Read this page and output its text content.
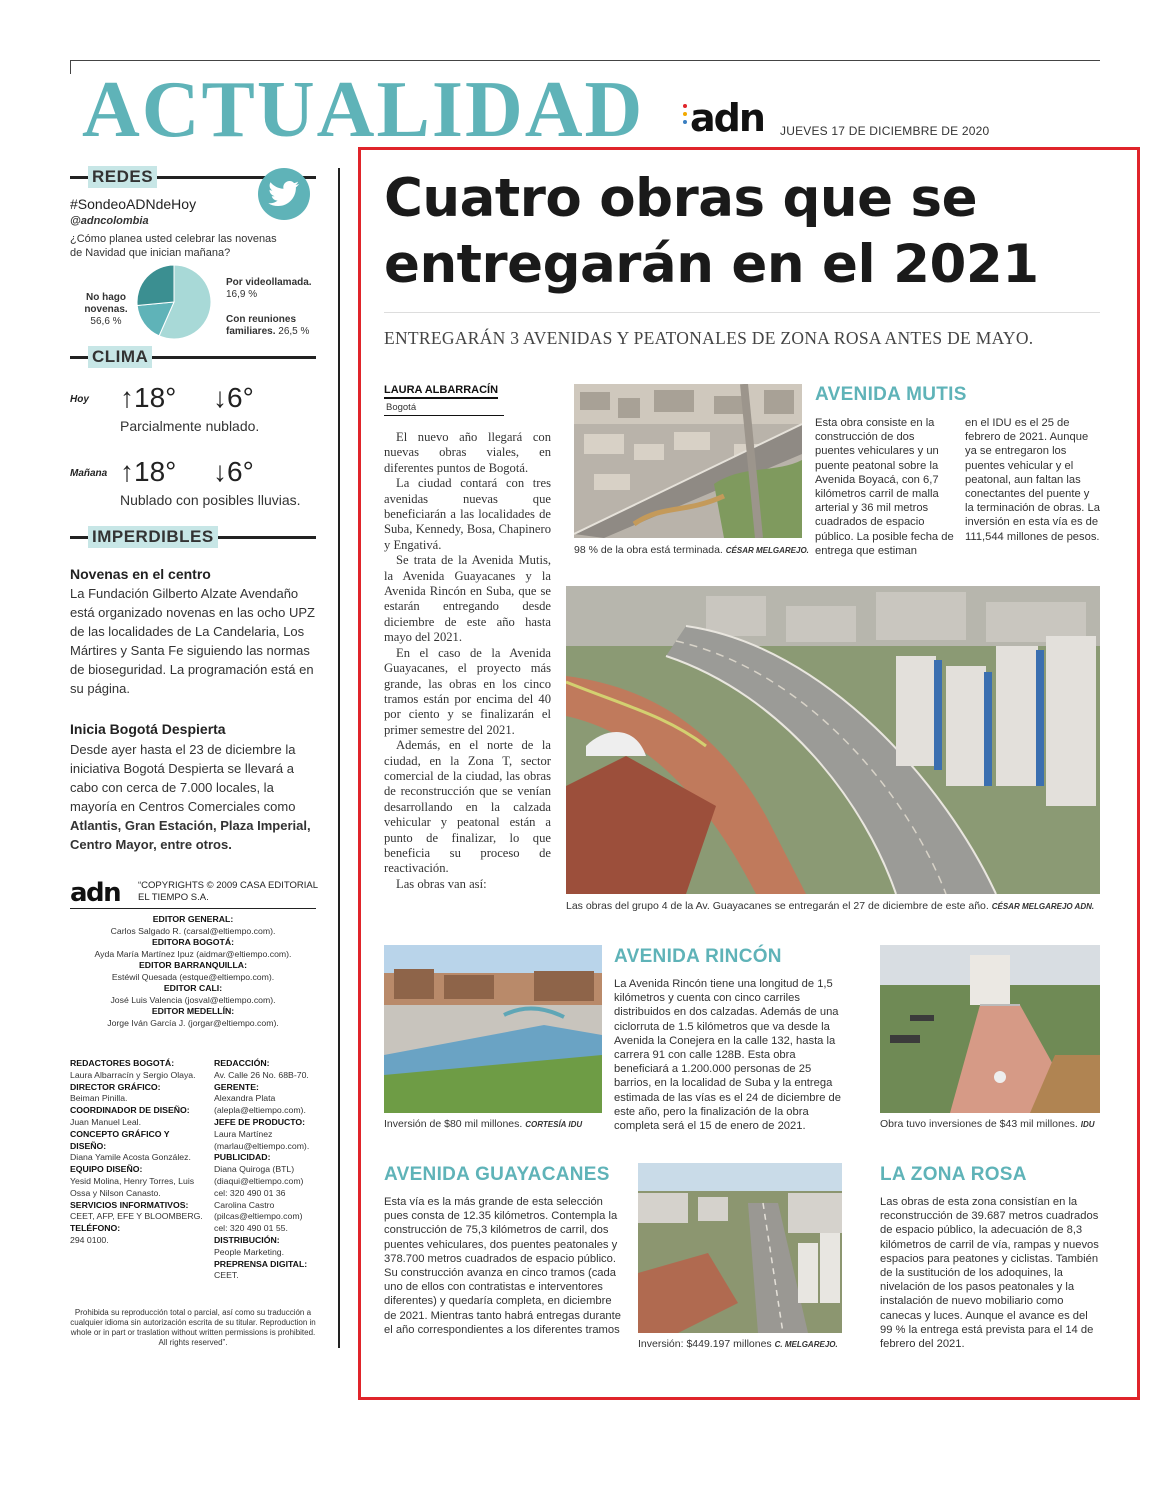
ACTUALIDAD adn JUEVES 17 DE DICIEMBRE DE 2020
REDES
#SondeoADNdeHoy
@adncolombia
¿Cómo planea usted celebrar las novenas de Navidad que inician mañana?
No hago novenas.
56,6 %
Por videollamada.
16,9 %
Con reuniones familiares. 26,5 %
CLIMA
Hoy ↑18° ↓6°
Parcialmente nublado.
Mañana ↑18° ↓6°
Nublado con posibles lluvias.
IMPERDIBLES
Novenas en el centro
La Fundación Gilberto Alzate Avendaño está organizado novenas en las ocho UPZ de las localidades de La Candelaria, Los Mártires y Santa Fe siguiendo las normas de bioseguridad. La programación está en su página.
Inicia Bogotá Despierta
Desde ayer hasta el 23 de diciembre la iniciativa Bogotá Despierta se llevará a cabo con cerca de 7.000 locales, la mayoría en Centros Comerciales como Atlantis, Gran Estación, Plaza Imperial, Centro Mayor, entre otros.
adn “COPYRIGHTS © 2009 CASA EDITORIAL EL TIEMPO S.A.
EDITOR GENERAL:
Carlos Salgado R. (carsal@eltiempo.com).
EDITORA BOGOTÁ:
Ayda María Martínez Ipuz (aidmar@eltiempo.com).
EDITOR BARRANQUILLA:
Estéwil Quesada (estque@eltiempo.com).
EDITOR CALI:
José Luis Valencia (josval@eltiempo.com).
EDITOR MEDELLÍN:
Jorge Iván García J. (jorgar@eltiempo.com).
REDACTORES BOGOTÁ:
Laura Albarracín y Sergio Olaya.
DIRECTOR GRÁFICO:
Beiman Pinilla.
COORDINADOR DE DISEÑO:
Juan Manuel Leal.
CONCEPTO GRÁFICO Y DISEÑO:
Diana Yamile Acosta González.
EQUIPO DISEÑO:
Yesid Molina, Henry Torres, Luis Ossa y Nilson Canasto.
SERVICIOS INFORMATIVOS:
CEET, AFP, EFE Y BLOOMBERG.
TELÉFONO:
294 0100.
REDACCIÓN:
Av. Calle 26 No. 68B-70.
GERENTE:
Alexandra Plata (alepla@eltiempo.com).
JEFE DE PRODUCTO:
Laura Martínez (marlau@eltiempo.com).
PUBLICIDAD:
Diana Quiroga (BTL) (diaqui@eltiempo.com) cel: 320 490 01 36 Carolina Castro (pilcas@eltiempo.com) cel: 320 490 01 55.
DISTRIBUCIÓN:
People Marketing.
PREPRENSA DIGITAL:
CEET.
Prohibida su reproducción total o parcial, así como su traducción a cualquier idioma sin autorización escrita de su titular. Reproduction in whole or in part or traslation without written permissions is prohibited. All rights reserved”.
Cuatro obras que se entregarán en el 2021
ENTREGARÁN 3 AVENIDAS Y PEATONALES DE ZONA ROSA ANTES DE MAYO.
LAURA ALBARRACÍN
Bogotá

El nuevo año llegará con nuevas obras viales, en diferentes puntos de Bogotá.

La ciudad contará con tres avenidas nuevas que beneficiarán a las localidades de Suba, Kennedy, Bosa, Chapinero y Engativá.

Se trata de la Avenida Mutis, la Avenida Guayacanes y la Avenida Rincón en Suba, que se estarán entregando desde diciembre de este año hasta mayo del 2021.

En el caso de la Avenida Guayacanes, el proyecto más grande, las obras en los cinco tramos están por encima del 40 por ciento y se finalizarán el primer semestre del 2021.

Además, en el norte de la ciudad, en la Zona T, sector comercial de la ciudad, las obras de reconstrucción que se venían desarrollando en la calzada vehicular y peatonal están a punto de finalizar, lo que beneficia su proceso de reactivación.

Las obras van así:

98 % de la obra está terminada. CÉSAR MELGAREJO.
AVENIDA MUTIS
Esta obra consiste en la construcción de dos puentes vehiculares y un puente peatonal sobre la Avenida Boyacá, con 6,7 kilómetros carril de malla arterial y 36 mil metros cuadrados de espacio público. La posible fecha de entrega que estiman
en el IDU es el 25 de febrero de 2021. Aunque ya se entregaron los puentes vehicular y el peatonal, aun faltan las conectantes del puente y la terminación de obras. La inversión en esta vía es de 111,544 millones de pesos.
Las obras del grupo 4 de la Av. Guayacanes se entregarán el 27 de diciembre de este año. CÉSAR MELGAREJO ADN.
Inversión de $80 mil millones. CORTESÍA IDU
AVENIDA RINCÓN
La Avenida Rincón tiene una longitud de 1,5 kilómetros y cuenta con cinco carriles distribuidos en dos calzadas. Además de una ciclorruta de 1.5 kilómetros que va desde la Avenida la Conejera en la calle 132, hasta la carrera 91 con calle 128B. Esta obra beneficiará a 1.200.000 personas de 25 barrios, en la localidad de Suba y la entrega estimada de las vías es el 24 de diciembre de este año, pero la finalización de la obra completa será el 15 de enero de 2021.	Obra tuvo inversiones de $43 mil millones. IDU
AVENIDA GUAYACANES
Esta vía es la más grande de esta selección pues consta de 12.35 kilómetros. Contempla la construcción de 75,3 kilómetros de carril, dos puentes vehiculares, dos puentes peatonales y 378.700 metros cuadrados de espacio público. Su construcción avanza en cinco tramos (cada uno de ellos con contratistas e interventores diferentes) y quedaría completa, en diciembre de 2021. Mientras tanto habrá entregas durante el año correspondientes a los diferentes tramos
Inversión: $449.197 millones C. MELGAREJO.
LA ZONA ROSA
Las obras de esta zona consistían en la reconstrucción de 39.687 metros cuadrados de espacio público, la adecuación de 8,3 kilómetros de carril de vía, rampas y nuevos espacios para peatones y ciclistas. También de la sustitución de los adoquines, la nivelación de los pasos peatonales y la instalación de nuevo mobiliario como canecas y luces. Aunque el avance es del 99 % la entrega está prevista para el 14 de febrero del 2021.
